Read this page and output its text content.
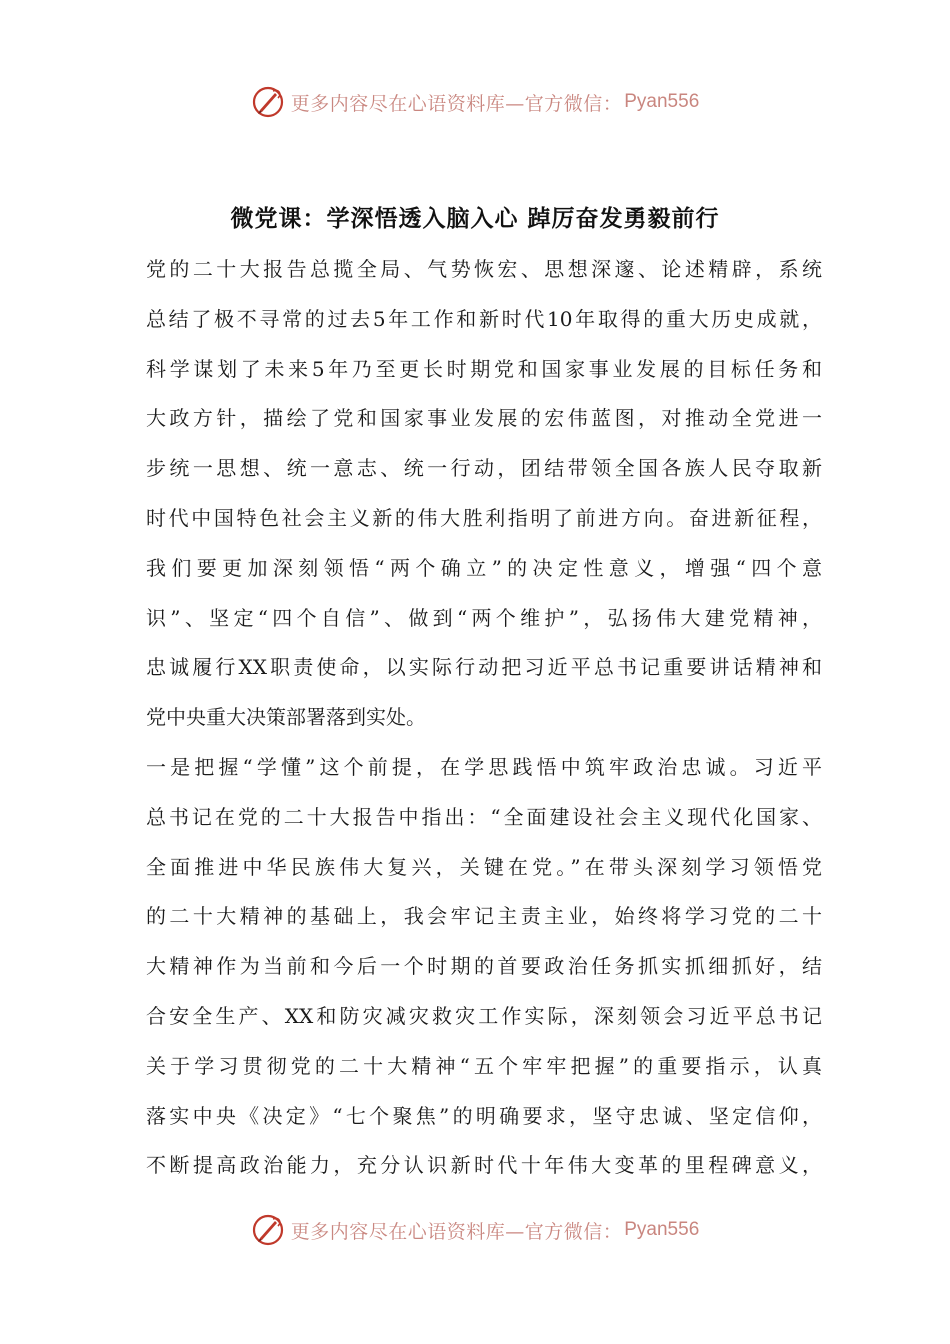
更多内容尽在心语资料库—官方微信： Pyan556
微党课：学深悟透入脑入心 踔厉奋发勇毅前行
党的二十大报告总揽全局、气势恢宏、思想深邃、论述精辟，系统
总结了极不寻常的过去5年工作和新时代10年取得的重大历史成就，
科学谋划了未来5年乃至更长时期党和国家事业发展的目标任务和
大政方针，描绘了党和国家事业发展的宏伟蓝图，对推动全党进一
步统一思想、统一意志、统一行动，团结带领全国各族人民夺取新
时代中国特色社会主义新的伟大胜利指明了前进方向。奋进新征程，
我们要更加深刻领悟“两个确立”的决定性意义，增强“四个意
识”、坚定“四个自信”、做到“两个维护”，弘扬伟大建党精神，
忠诚履行XX职责使命，以实际行动把习近平总书记重要讲话精神和
党中央重大决策部署落到实处。
一是把握“学懂”这个前提，在学思践悟中筑牢政治忠诚。习近平
总书记在党的二十大报告中指出：“全面建设社会主义现代化国家、
全面推进中华民族伟大复兴，关键在党。”在带头深刻学习领悟党
的二十大精神的基础上，我会牢记主责主业，始终将学习党的二十
大精神作为当前和今后一个时期的首要政治任务抓实抓细抓好，结
合安全生产、XX和防灾减灾救灾工作实际，深刻领会习近平总书记
关于学习贯彻党的二十大精神“五个牢牢把握”的重要指示，认真
落实中央《决定》“七个聚焦”的明确要求，坚守忠诚、坚定信仰，
不断提高政治能力，充分认识新时代十年伟大变革的里程碑意义，
更多内容尽在心语资料库—官方微信： Pyan556
